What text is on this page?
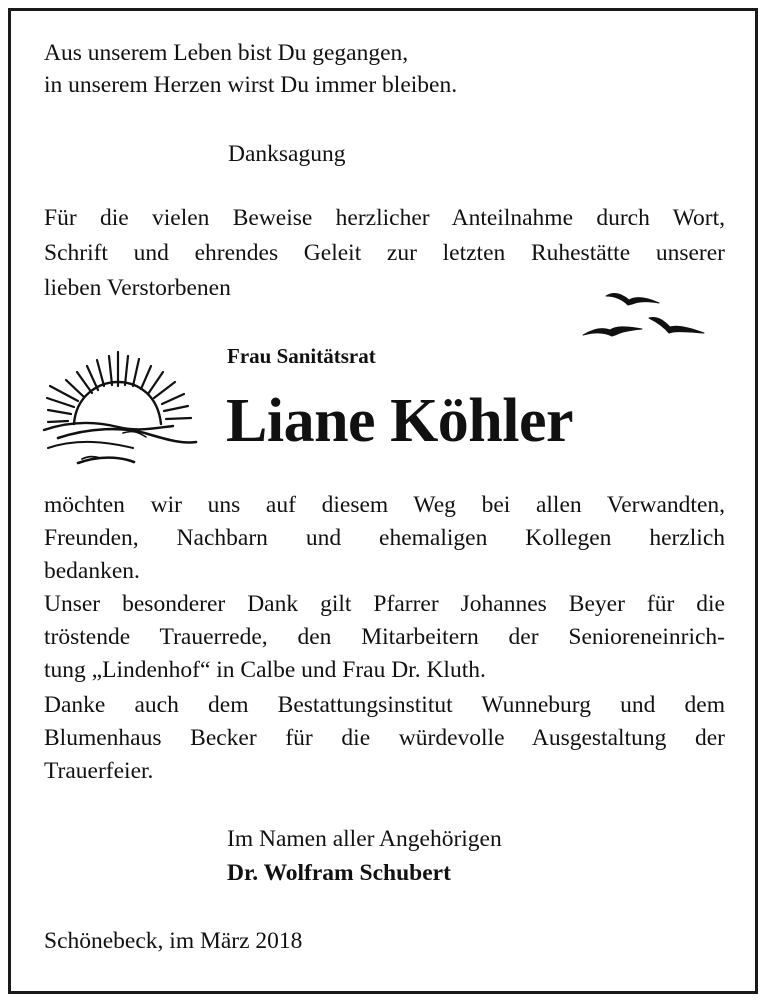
Aus unserem Leben bist Du gegangen,

in unserem Herzen wirst Du immer bleiben.

Danksagung

Für die vielen Beweise herzlicher Anteilnahme durch Wort,

Schrift und ehrendes Geleit zur letzten Ruhestätte unserer

lieben Verstorbenen

Frau Sanitätsrat

Liane Köhler

möchten wir uns auf diesem Weg bei allen Verwandten,

Freunden, Nachbarn und ehemaligen Kollegen herzlich

bedanken.

Unser besonderer Dank gilt Pfarrer Johannes Beyer für die

tröstende Trauerrede, den Mitarbeitern der Senioreneinrich-

tung „Lindenhof“ in Calbe und Frau Dr. Kluth.

Danke auch dem Bestattungsinstitut Wunneburg und dem

Blumenhaus Becker für die würdevolle Ausgestaltung der

Trauerfeier.

Im Namen aller Angehörigen

Dr. Wolfram Schubert

Schönebeck, im März 2018
